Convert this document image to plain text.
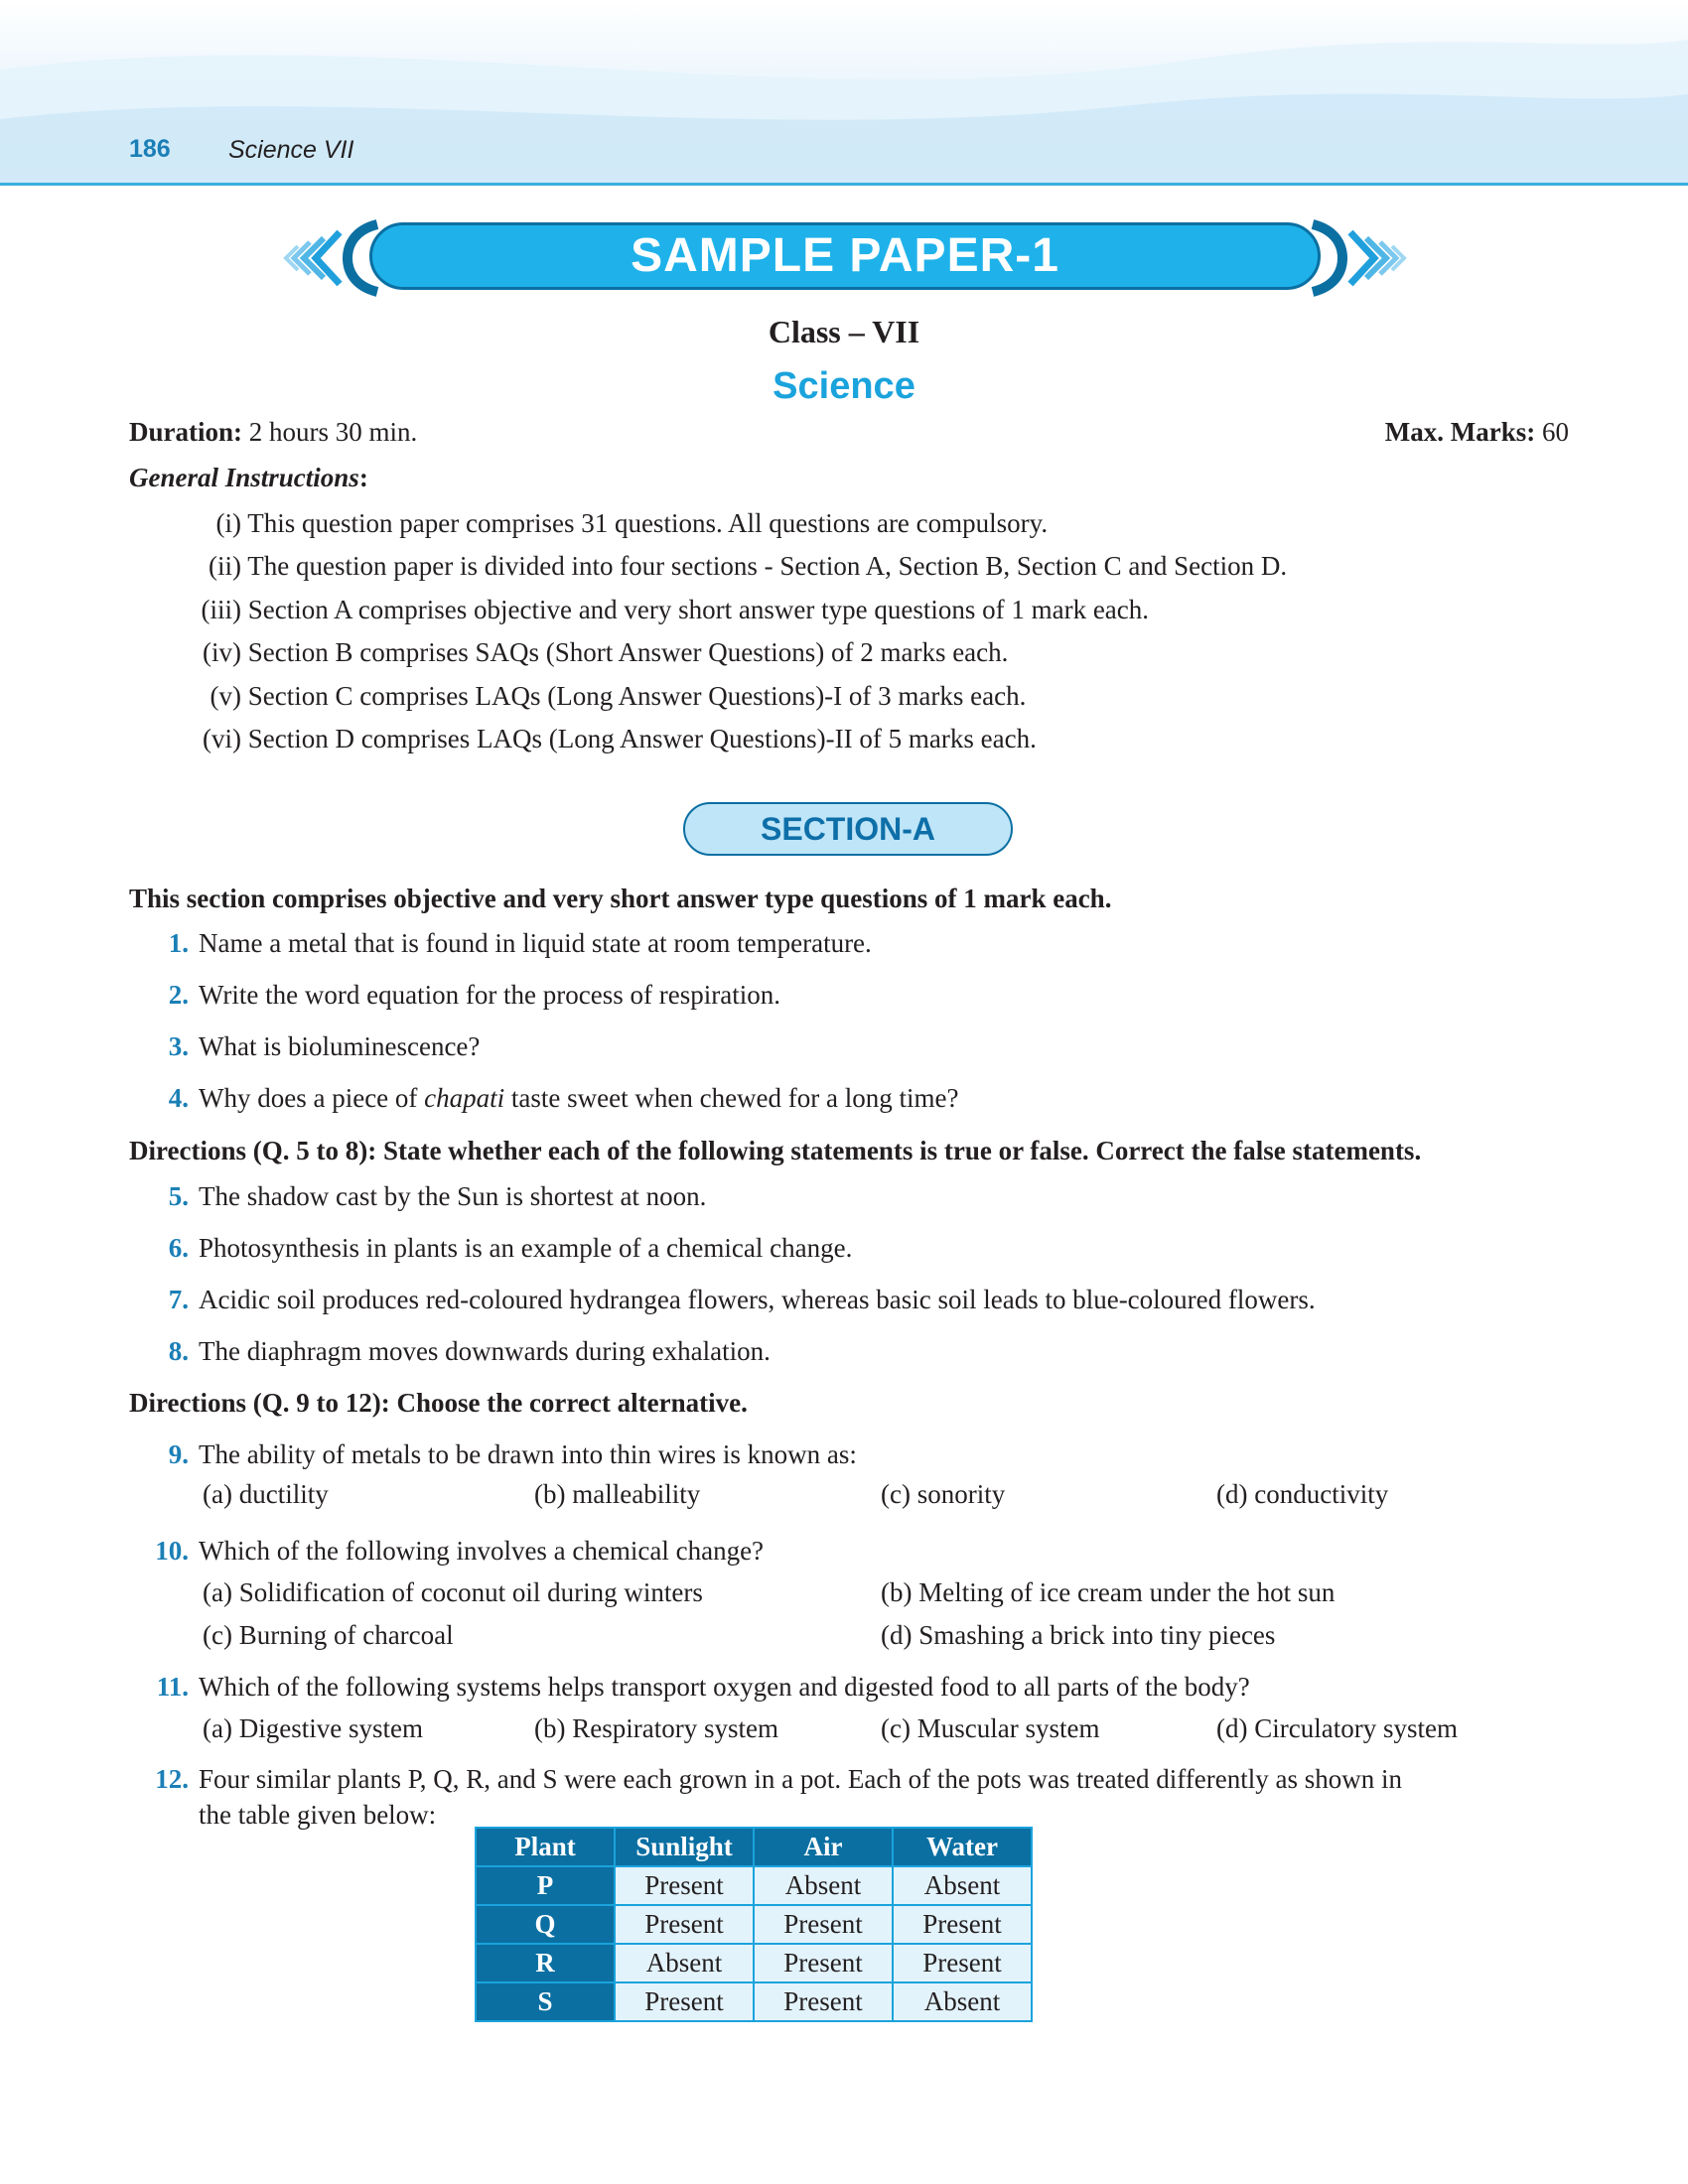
186 Science VII
SAMPLE PAPER-1
Class – VII
Science
Duration: 2 hours 30 min.	Max. Marks: 60
General Instructions:
(i) This question paper comprises 31 questions. All questions are compulsory.
(ii) The question paper is divided into four sections - Section A, Section B, Section C and Section D.
(iii) Section A comprises objective and very short answer type questions of 1 mark each.
(iv) Section B comprises SAQs (Short Answer Questions) of 2 marks each.
(v) Section C comprises LAQs (Long Answer Questions)-I of 3 marks each.
(vi) Section D comprises LAQs (Long Answer Questions)-II of 5 marks each.
SECTION-A
This section comprises objective and very short answer type questions of 1 mark each.
1. Name a metal that is found in liquid state at room temperature.
2. Write the word equation for the process of respiration.
3. What is bioluminescence?
4. Why does a piece of chapati taste sweet when chewed for a long time?
Directions (Q. 5 to 8): State whether each of the following statements is true or false. Correct the false statements.
5. The shadow cast by the Sun is shortest at noon.
6. Photosynthesis in plants is an example of a chemical change.
7. Acidic soil produces red-coloured hydrangea flowers, whereas basic soil leads to blue-coloured flowers.
8. The diaphragm moves downwards during exhalation.
Directions (Q. 9 to 12): Choose the correct alternative.
9. The ability of metals to be drawn into thin wires is known as:
(a) ductility	(b) malleability	(c) sonority	(d) conductivity
10. Which of the following involves a chemical change?
(a) Solidification of coconut oil during winters	(b) Melting of ice cream under the hot sun
(c) Burning of charcoal	(d) Smashing a brick into tiny pieces
11. Which of the following systems helps transport oxygen and digested food to all parts of the body?
(a) Digestive system	(b) Respiratory system	(c) Muscular system	(d) Circulatory system
12. Four similar plants P, Q, R, and S were each grown in a pot. Each of the pots was treated differently as shown in
the table given below:
Plant	Sunlight	Air	Water
P	Present	Absent	Absent
Q	Present	Present	Present
R	Absent	Present	Present
S	Present	Present	Absent
